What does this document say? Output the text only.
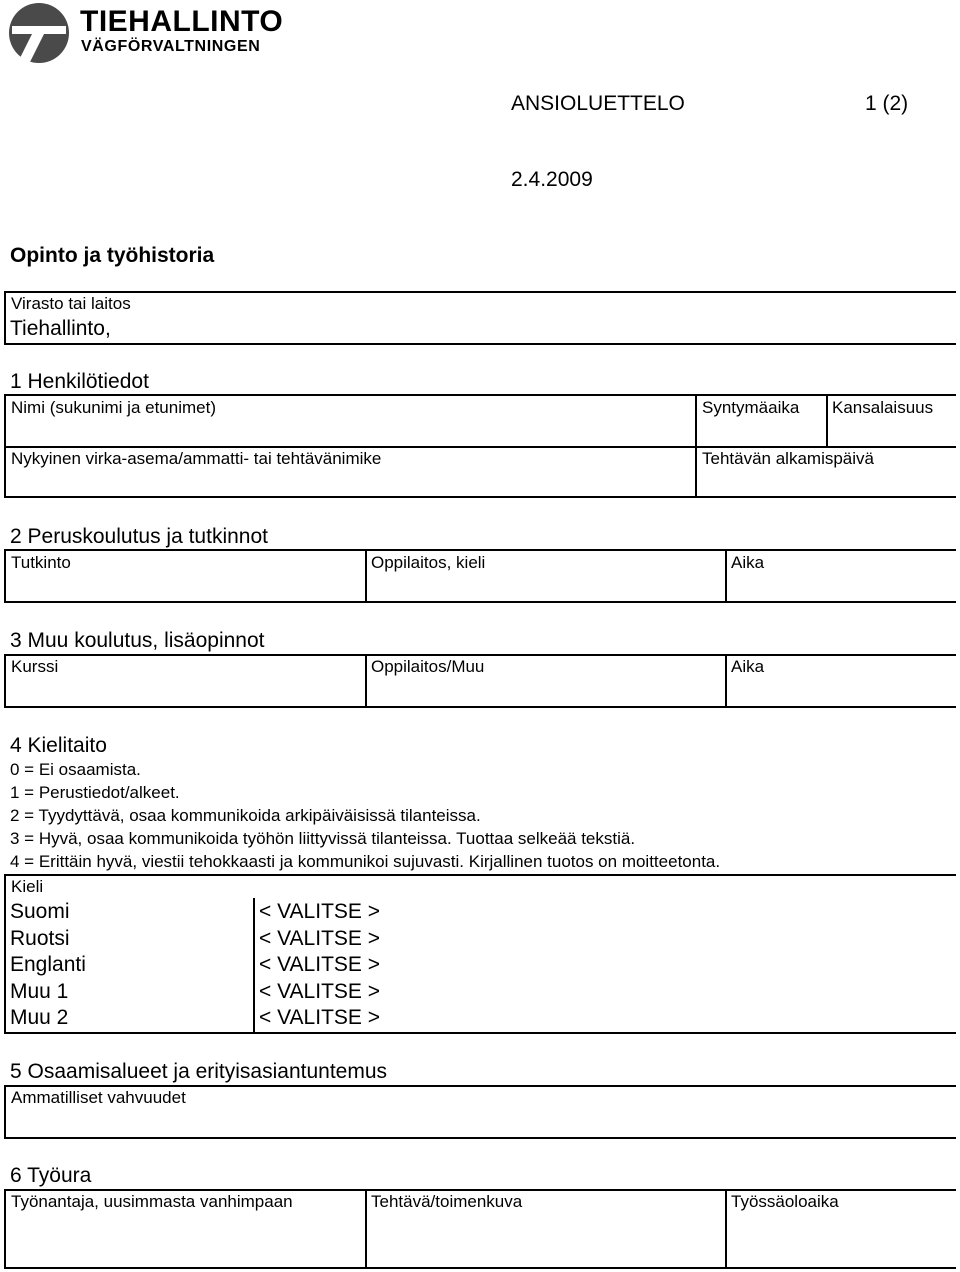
TIEHALLINTO
VÄGFÖRVALTNINGEN
ANSIOLUETTELO	1 (2)
2.4.2009
Opinto ja työhistoria
Virasto tai laitos
Tiehallinto,
1 Henkilötiedot
Nimi (sukunimi ja etunimet)	Syntymäaika Kansalaisuus
Nykyinen virka-asema/ammatti- tai tehtävänimike	Tehtävän alkamispäivä
2 Peruskoulutus ja tutkinnot
Tutkinto	Oppilaitos, kieli	Aika
3 Muu koulutus, lisäopinnot
Kurssi	Oppilaitos/Muu	Aika
4 Kielitaito
0 = Ei osaamista.
1 = Perustiedot/alkeet.
2 = Tyydyttävä, osaa kommunikoida arkipäiväisissä tilanteissa.
3 = Hyvä, osaa kommunikoida työhön liittyvissä tilanteissa. Tuottaa selkeää tekstiä.
4 = Erittäin hyvä, viestii tehokkaasti ja kommunikoi sujuvasti. Kirjallinen tuotos on moitteetonta.
Kieli
Suomi	< VALITSE >
Ruotsi	< VALITSE >
Englanti	< VALITSE >
Muu 1	< VALITSE >
Muu 2	< VALITSE >
5 Osaamisalueet ja erityisasiantuntemus
Ammatilliset vahvuudet
6 Työura
Työnantaja, uusimmasta vanhimpaan	Tehtävä/toimenkuva	Työssäoloaika
